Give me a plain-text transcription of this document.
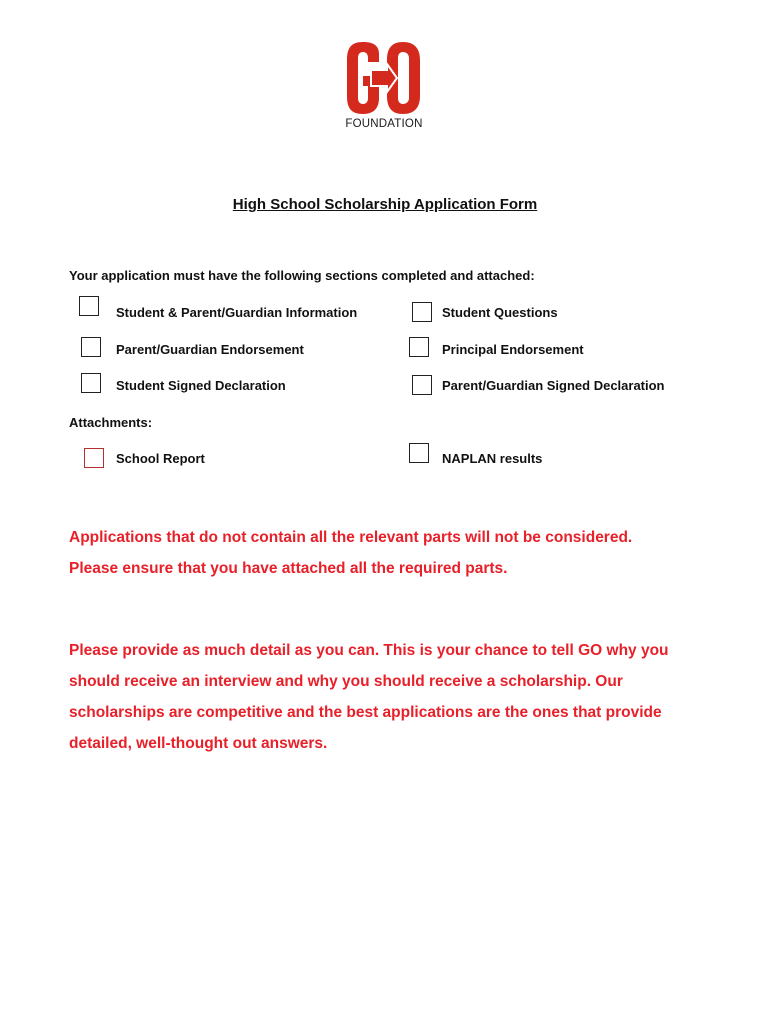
FOUNDATION
High School Scholarship Application Form
Your application must have the following sections completed and attached:
Student & Parent/Guardian Information	Student Questions
Parent/Guardian Endorsement	Principal Endorsement
Student Signed Declaration	Parent/Guardian Signed Declaration
Attachments:
School Report	NAPLAN results
Applications that do not contain all the relevant parts will not be considered.
Please ensure that you have attached all the required parts.
Please provide as much detail as you can. This is your chance to tell GO why you
should receive an interview and why you should receive a scholarship. Our
scholarships are competitive and the best applications are the ones that provide
detailed, well-thought out answers.
